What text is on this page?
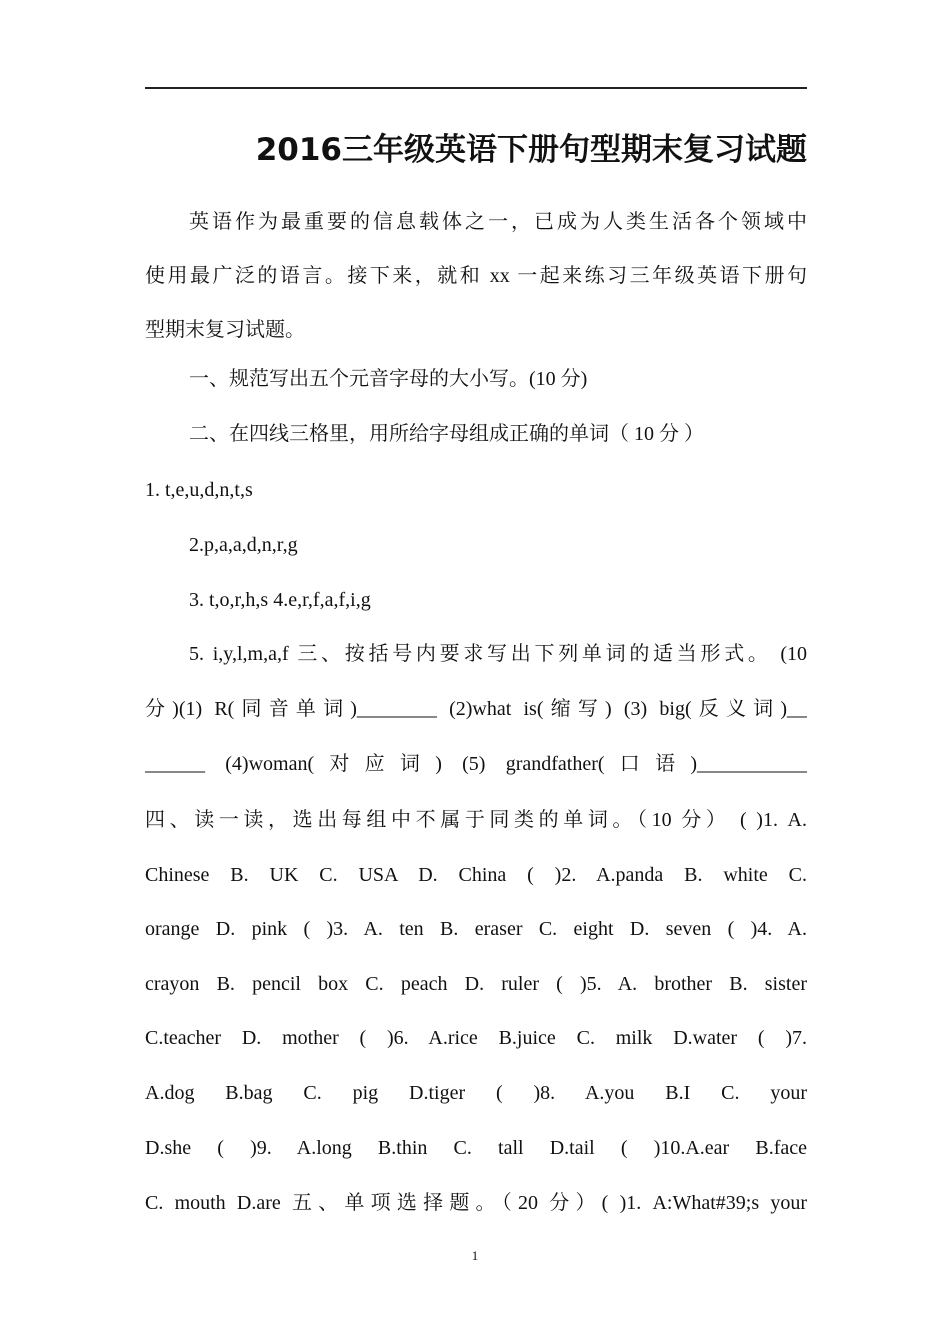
2016三年级英语下册句型期末复习试题
英语作为最重要的信息载体之一，已成为人类生活各个领域中
使用最广泛的语言。接下来，就和 xx 一起来练习三年级英语下册句
型期末复习试题。
一、规范写出五个元音字母的大小写。(10 分)
二、在四线三格里，用所给字母组成正确的单词（ 10 分 ）
1. t,e,u,d,n,t,s
2.p,a,a,d,n,r,g
3. t,o,r,h,s 4.e,r,f,a,f,i,g
5. i,y,l,m,a,f 三、按括号内要求写出下列单词的适当形式。 (10
分)(1) R(同音单词)________ (2)what is(缩写) (3) big(反义词)__
______ (4)woman(对应词) (5) grandfather(口语)___________
四、读一读，选出每组中不属于同类的单词。（10 分） ( )1. A.
Chinese B. UK C. USA D. China ( )2. A.panda B. white C.
orange D. pink ( )3. A. ten B. eraser C. eight D. seven ( )4. A.
crayon B. pencil box C. peach D. ruler ( )5. A. brother B. sister
C.teacher D. mother ( )6. A.rice B.juice C. milk D.water ( )7.
A.dog B.bag C. pig D.tiger ( )8. A.you B.I C. your
D.she ( )9. A.long B.thin C. tall D.tail ( )10.A.ear B.face
C. mouth D.are 五、单项选择题。（20 分）( )1. A:What#39;s your
1
